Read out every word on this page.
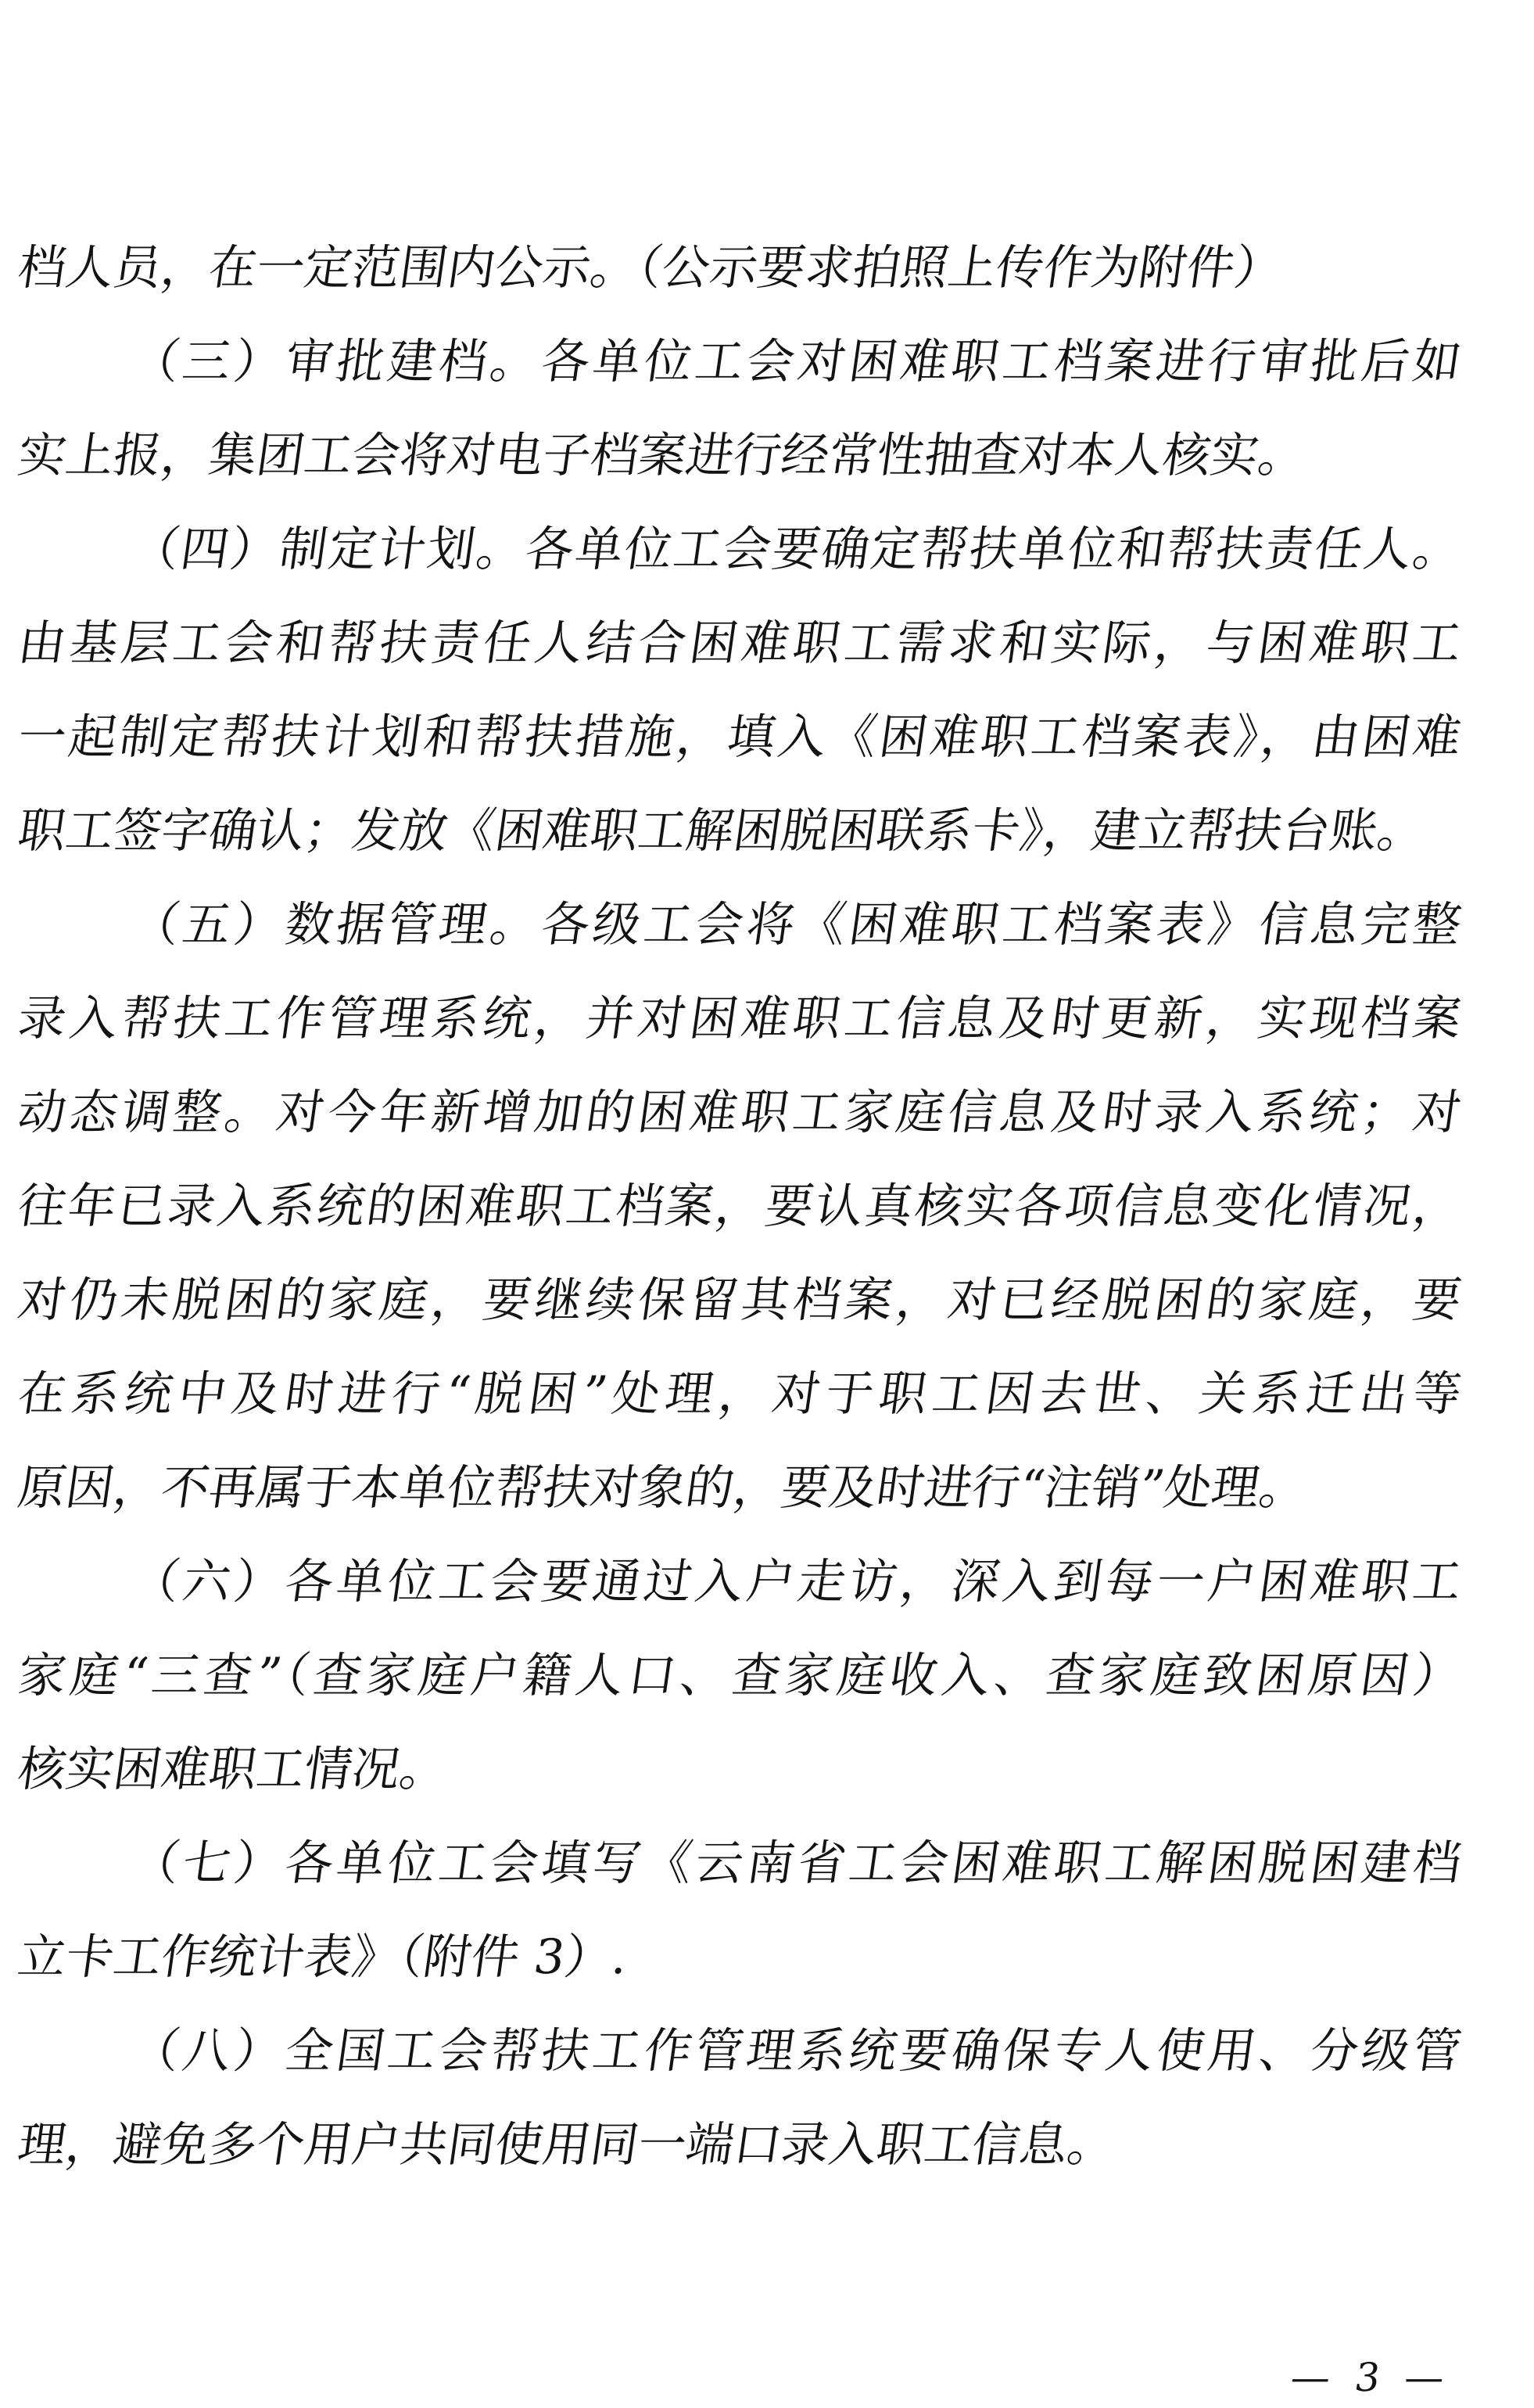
档人员，在一定范围内公示。（公示要求拍照上传作为附件）
（三）审批建档。各单位工会对困难职工档案进行审批后如
实上报，集团工会将对电子档案进行经常性抽查对本人核实。
（四）制定计划。各单位工会要确定帮扶单位和帮扶责任人。
由基层工会和帮扶责任人结合困难职工需求和实际，与困难职工
一起制定帮扶计划和帮扶措施，填入《困难职工档案表》，由困难
职工签字确认；发放《困难职工解困脱困联系卡》，建立帮扶台账。
（五）数据管理。各级工会将《困难职工档案表》信息完整
录入帮扶工作管理系统，并对困难职工信息及时更新，实现档案
动态调整。对今年新增加的困难职工家庭信息及时录入系统；对
往年已录入系统的困难职工档案，要认真核实各项信息变化情况，
对仍未脱困的家庭，要继续保留其档案，对已经脱困的家庭，要
在系统中及时进行“脱困”处理，对于职工因去世、关系迁出等
原因，不再属于本单位帮扶对象的，要及时进行“注销”处理。
（六）各单位工会要通过入户走访，深入到每一户困难职工
家庭“三查”（查家庭户籍人口、查家庭收入、查家庭致困原因）
核实困难职工情况。
（七）各单位工会填写《云南省工会困难职工解困脱困建档
立卡工作统计表》（附件 3）.
（八）全国工会帮扶工作管理系统要确保专人使用、分级管
理，避免多个用户共同使用同一端口录入职工信息。
— 3 —
